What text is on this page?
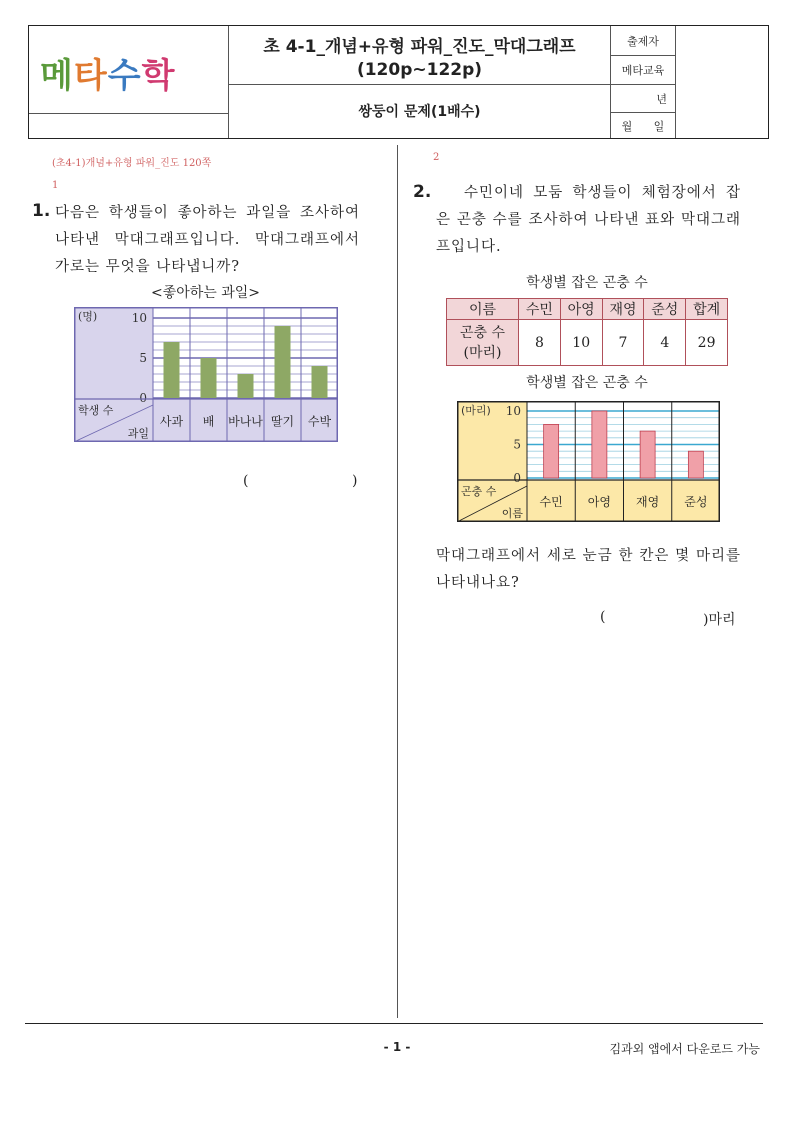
초 4-1_개념+유형 파워_진도_막대그래프
(120p~122p)
쌍둥이 문제(1배수)
출제자
메타교육
년
월 일
메타수학
(초4-1)개념+유형 파워_진도 120쪽
1
1. 다음은 학생들이 좋아하는 과일을 조사하여 나타낸 막대그래프입니다. 막대그래프에서 가로는 무엇을 나타냅니까?
<좋아하는 과일>
0
5
10
(명)
사과 배 바나나 딸기 수박
학생 수
과일
(	)
2
2.	수민이네 모둠 학생들이 체험장에서 잡은 곤충 수를 조사하여 나타낸 표와 막대그래프입니다.
학생별 잡은 곤충 수
이름	수민	아영	재영	준성	합계
곤충 수
(마리)	8	10	7	4	29
학생별 잡은 곤충 수
0
5
10
(마리)
수민 아영 재영 준성
곤충 수
이름
막대그래프에서 세로 눈금 한 칸은 몇 마리를 나타내나요?
(	)마리
- 1 -	김과외 앱에서 다운로드 가능
